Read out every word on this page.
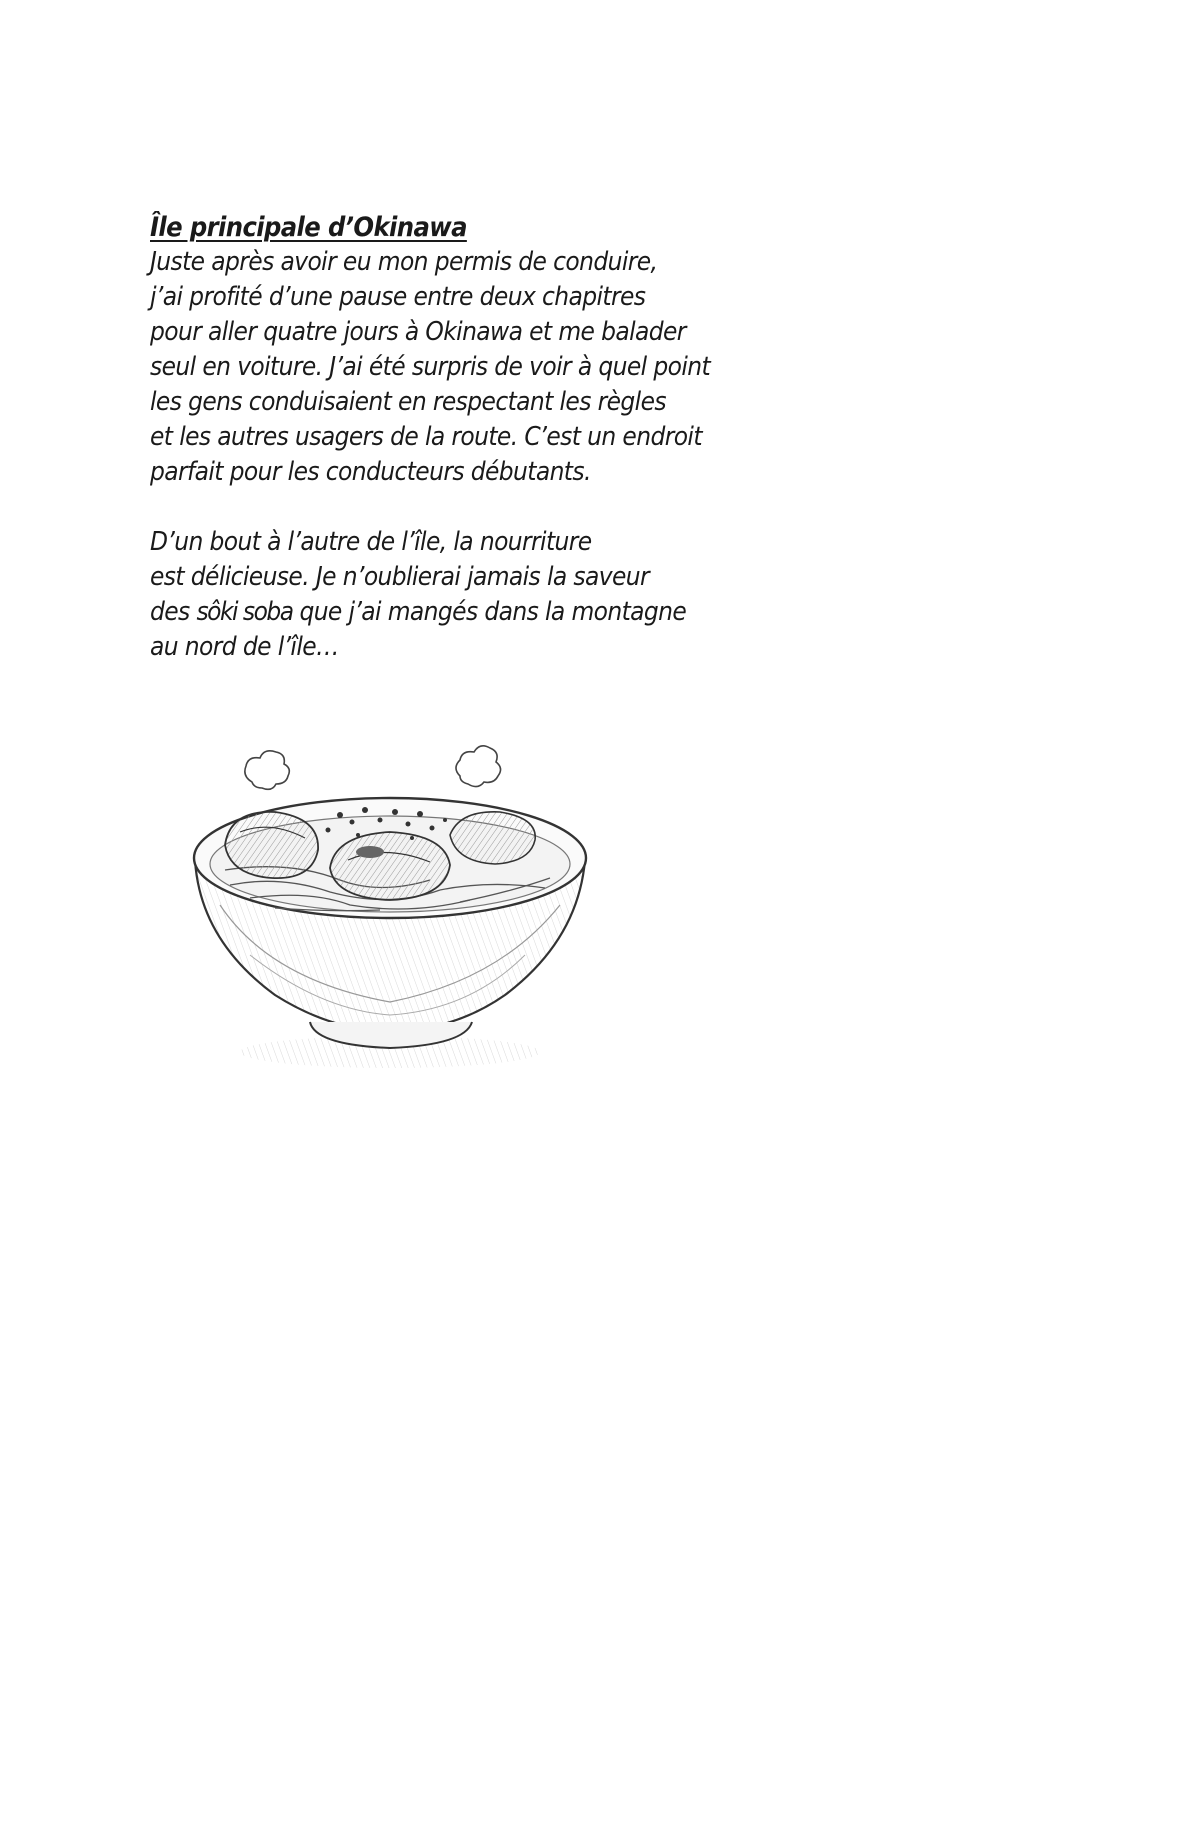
Île principale d’Okinawa
Juste après avoir eu mon permis de conduire,
j’ai profité d’une pause entre deux chapitres
pour aller quatre jours à Okinawa et me balader
seul en voiture. J’ai été surpris de voir à quel point
les gens conduisaient en respectant les règles
et les autres usagers de la route. C’est un endroit
parfait pour les conducteurs débutants.
D’un bout à l’autre de l’île, la nourriture
est délicieuse. Je n’oublierai jamais la saveur
des sôki soba que j’ai mangés dans la montagne
au nord de l’île…
